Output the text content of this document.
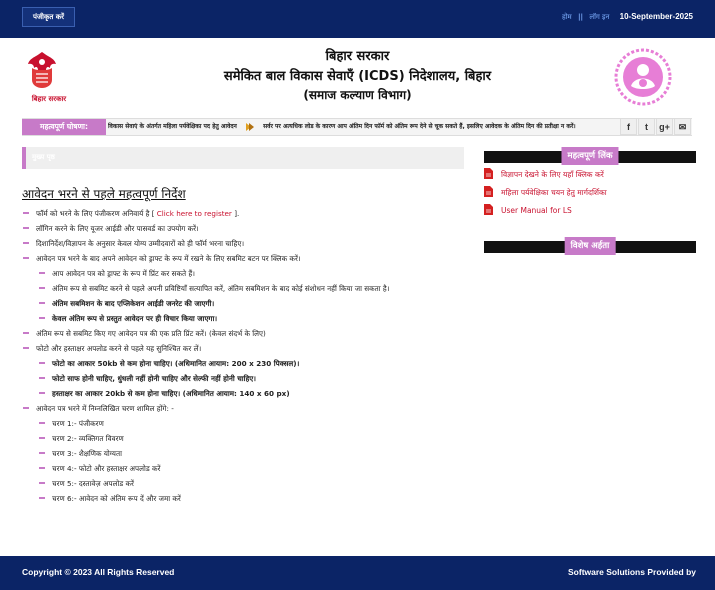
पंजीकृत करें	होम || लॉग इन 10-September-2025
बिहार सरकार
बिहार सरकार
समेकित बाल विकास सेवाएँ (ICDS) निदेशालय, बिहार
(समाज कल्याण विभाग)
महत्वपूर्ण घोषणा:	विकास सेवाएं के अंतर्गत महिला पर्यवेक्षिका पद हेतु आवेदन	सर्वर पर अत्यधिक लोड के कारण आप अंतिम दिन फॉर्म को अंतिम रूप देने से चूक सकते हैं, इसलिए आवेदक के अंतिम दिन की प्रतीक्षा न करें।	f	t	g+ ✉
मुख्य पृष्ठ
आवेदन भरने से पहले महत्वपूर्ण निर्देश
फॉर्म को भरने के लिए पंजीकरण अनिवार्य है [ Click here to register ].
लॉगिन करने के लिए यूजर आईडी और पासवर्ड का उपयोग करें।
दिशानिर्देश/विज्ञापन के अनुसार केवल योग्य उम्मीदवारों को ही फॉर्म भरना चाहिए।
आवेदन पत्र भरने के बाद अपने आवेदन को ड्राफ्ट के रूप में रखने के लिए सबमिट बटन पर क्लिक करें।
आप आवेदन पत्र को ड्राफ्ट के रूप में प्रिंट कर सकते हैं।
अंतिम रूप से सबमिट करने से पहले अपनी प्रविष्टियाँ सत्यापित करें, अंतिम सबमिशन के बाद कोई संशोधन नहीं किया जा सकता है।
अंतिम सबमिशन के बाद एप्लिकेशन आईडी जनरेट की जाएगी।
केवल अंतिम रूप से प्रस्तुत आवेदन पर ही विचार किया जाएगा।
अंतिम रूप से सबमिट किए गए आवेदन पत्र की एक प्रति प्रिंट करें। (केवल संदर्भ के लिए)
फोटो और हस्ताक्षर अपलोड करने से पहले यह सुनिश्चित कर लें।
फोटो का आकार 50kb से कम होना चाहिए। (अधिमानित आयाम: 200 x 230 पिक्सल)।
फोटो साफ होनी चाहिए, धुंधली नहीं होनी चाहिए और सेल्फी नहीं होनी चाहिए।
हस्ताक्षर का आकार 20kb से कम होना चाहिए। (अधिमानित आयाम: 140 x 60 px)
आवेदन पत्र भरने में निम्नलिखित चरण शामिल होंगे: -
चरण 1:- पंजीकरण
चरण 2:- व्यक्तिगत विवरण
चरण 3:- शैक्षणिक योग्यता
चरण 4:- फोटो और हस्ताक्षर अपलोड करें
चरण 5:- दस्तावेज़ अपलोड करें
चरण 6:- आवेदन को अंतिम रूप दें और जमा करें
महत्वपूर्ण लिंक
विज्ञापन देखने के लिए यहाँ क्लिक करें
महिला पर्यवेक्षिका चयन हेतु मार्गदर्शिका
User Manual for LS
विशेष अर्हता
Copyright © 2023 All Rights Reserved	Software Solutions Provided by
